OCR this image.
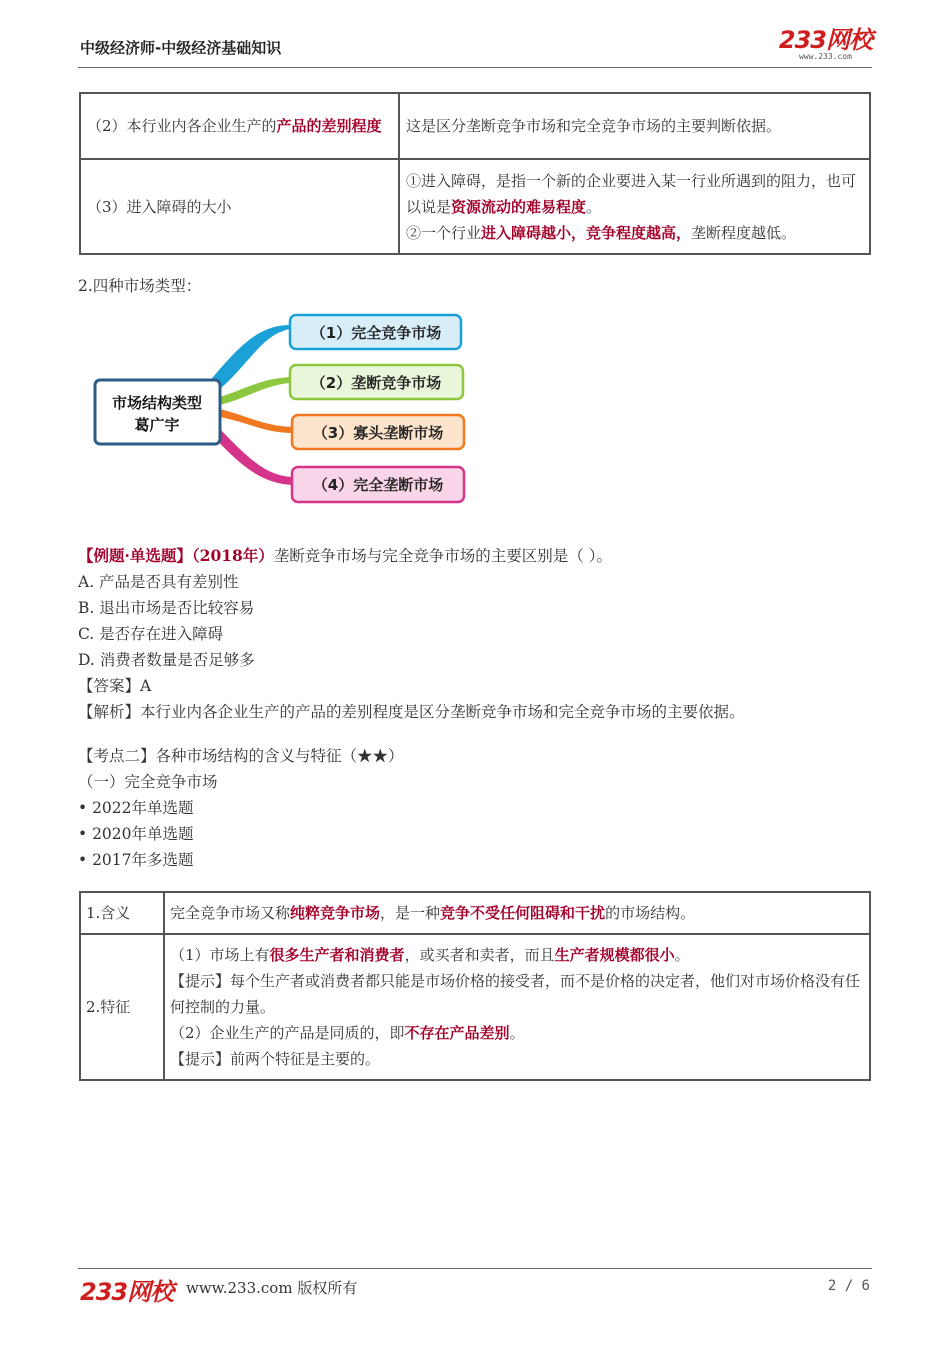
中级经济师-中级经济基础知识	233网校
www.233.com
（2）本行业内各企业生产的产品的差别程度	这是区分垄断竞争市场和完全竞争市场的主要判断依据。
（3）进入障碍的大小	①进入障碍，是指一个新的企业要进入某一行业所遇到的阻力，也可以说是资源流动的难易程度。
②一个行业进入障碍越小，竞争程度越高，垄断程度越低。
2.四种市场类型：
市场结构类型
葛广宇
（1）完全竞争市场
（2）垄断竞争市场
（3）寡头垄断市场
（4）完全垄断市场
【例题·单选题】（2018年）垄断竞争市场与完全竞争市场的主要区别是（ ）。
A. 产品是否具有差别性
B. 退出市场是否比较容易
C. 是否存在进入障碍
D. 消费者数量是否足够多
【答案】A
【解析】本行业内各企业生产的产品的差别程度是区分垄断竞争市场和完全竞争市场的主要依据。
【考点二】各种市场结构的含义与特征（★★）
（一）完全竞争市场
• 2022年单选题
• 2020年单选题
• 2017年多选题
1.含义	完全竞争市场又称纯粹竞争市场，是一种竞争不受任何阻碍和干扰的市场结构。
2.特征	（1）市场上有很多生产者和消费者，或买者和卖者，而且生产者规模都很小。
【提示】每个生产者或消费者都只能是市场价格的接受者，而不是价格的决定者，他们对市场价格没有任何控制的力量。
（2）企业生产的产品是同质的，即不存在产品差别。
【提示】前两个特征是主要的。
233网校 www.233.com 版权所有	2 / 6
